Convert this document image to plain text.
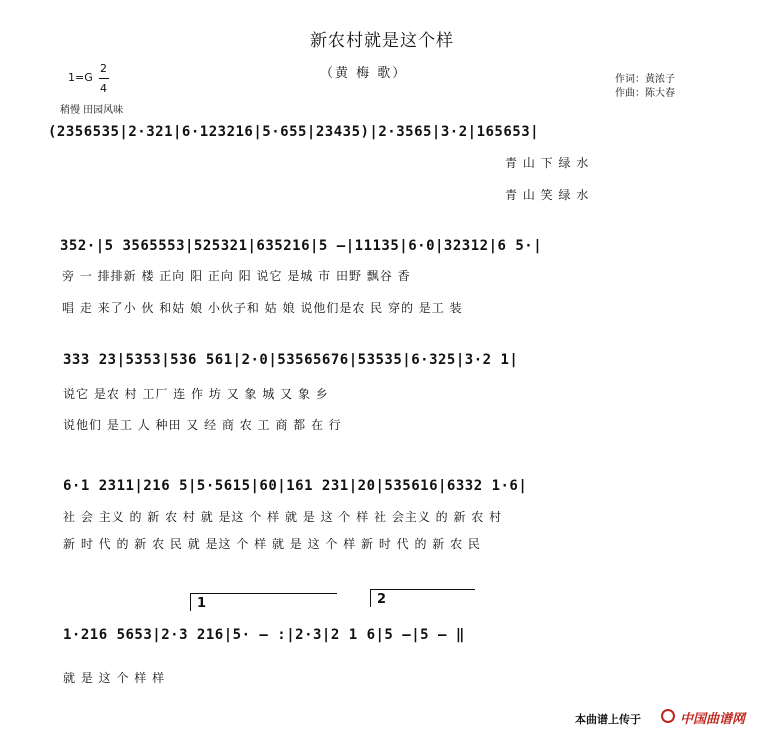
新农村就是这个样
（黄 梅 歌）
1=G
2
4
稍慢 田园风味
作词：黄浓子
作曲：陈大春
(2356535|2·321|6·123216|5·655|23435)|2·3565|3·2|165653|
青 山 下 绿 水
青 山 笑 绿 水
352·|5 3565553|525321|635216|5 –|11135|6·0|32312|6 5·|
旁 一 排排新 楼 正向 阳 正向 阳 说它 是城 市 田野 飘谷 香
唱 走 来了小 伙 和姑 娘 小伙子和 姑 娘 说他们是农 民 穿的 是工 装
333 23|5353|536 561|2·0|53565676|53535|6·325|3·2 1|
说它 是农 村 工厂 连 作 坊 又 象 城 又 象 乡
说他们 是工 人 种田 又 经 商 农 工 商 都 在 行
6·1 2311|216 5|5·5615|60|161 231|20|535616|6332 1·6|
社 会 主义 的 新 农 村 就 是这 个 样 就 是 这 个 样 社 会主义 的 新 农 村
新 时 代 的 新 农 民 就 是这 个 样 就 是 这 个 样 新 时 代 的 新 农 民
1	2
1·216 5653|2·3 216|5· – :|2·3|2 1 6|5 –|5 – ‖
就 是 这 个 样 样
本曲谱上传于	中国曲谱网
